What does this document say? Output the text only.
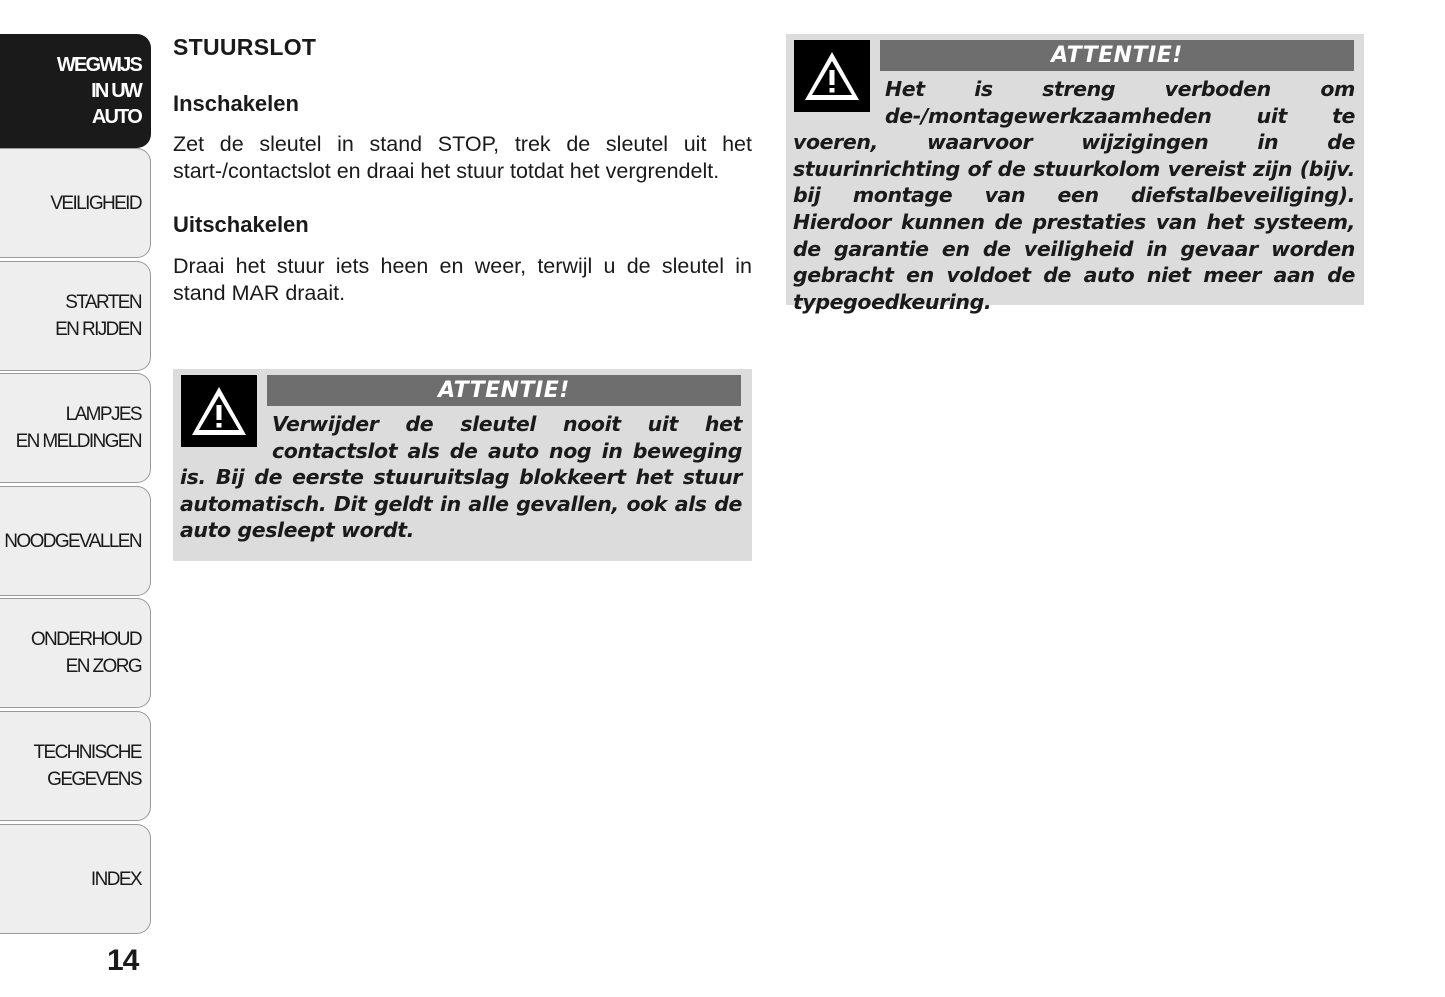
WEGWIJS
IN UW
AUTO
VEILIGHEID
STARTEN
EN RIJDEN
LAMPJES
EN MELDINGEN
NOODGEVALLEN
ONDERHOUD
EN ZORG
TECHNISCHE
GEGEVENS
INDEX
14
STUURSLOT
Inschakelen

Zet de sleutel in stand STOP, trek de sleutel uit het start-/contactslot en draai het stuur totdat het vergrendelt.

Uitschakelen

Draai het stuur iets heen en weer, terwijl u de sleutel in stand MAR draait.

ATTENTIE!

Verwijder de sleutel nooit uit het contactslot als de auto nog in beweging is. Bij de eerste stuuruitslag blokkeert het stuur automatisch. Dit geldt in alle gevallen, ook als de auto gesleept wordt.

ATTENTIE!

Het is streng verboden om de-/montagewerkzaamheden uit te voeren, waarvoor wijzigingen in de stuurinrichting of de stuurkolom vereist zijn (bijv. bij montage van een diefstalbeveiliging). Hierdoor kunnen de prestaties van het systeem, de garantie en de veiligheid in gevaar worden gebracht en voldoet de auto niet meer aan de typegoedkeuring.
